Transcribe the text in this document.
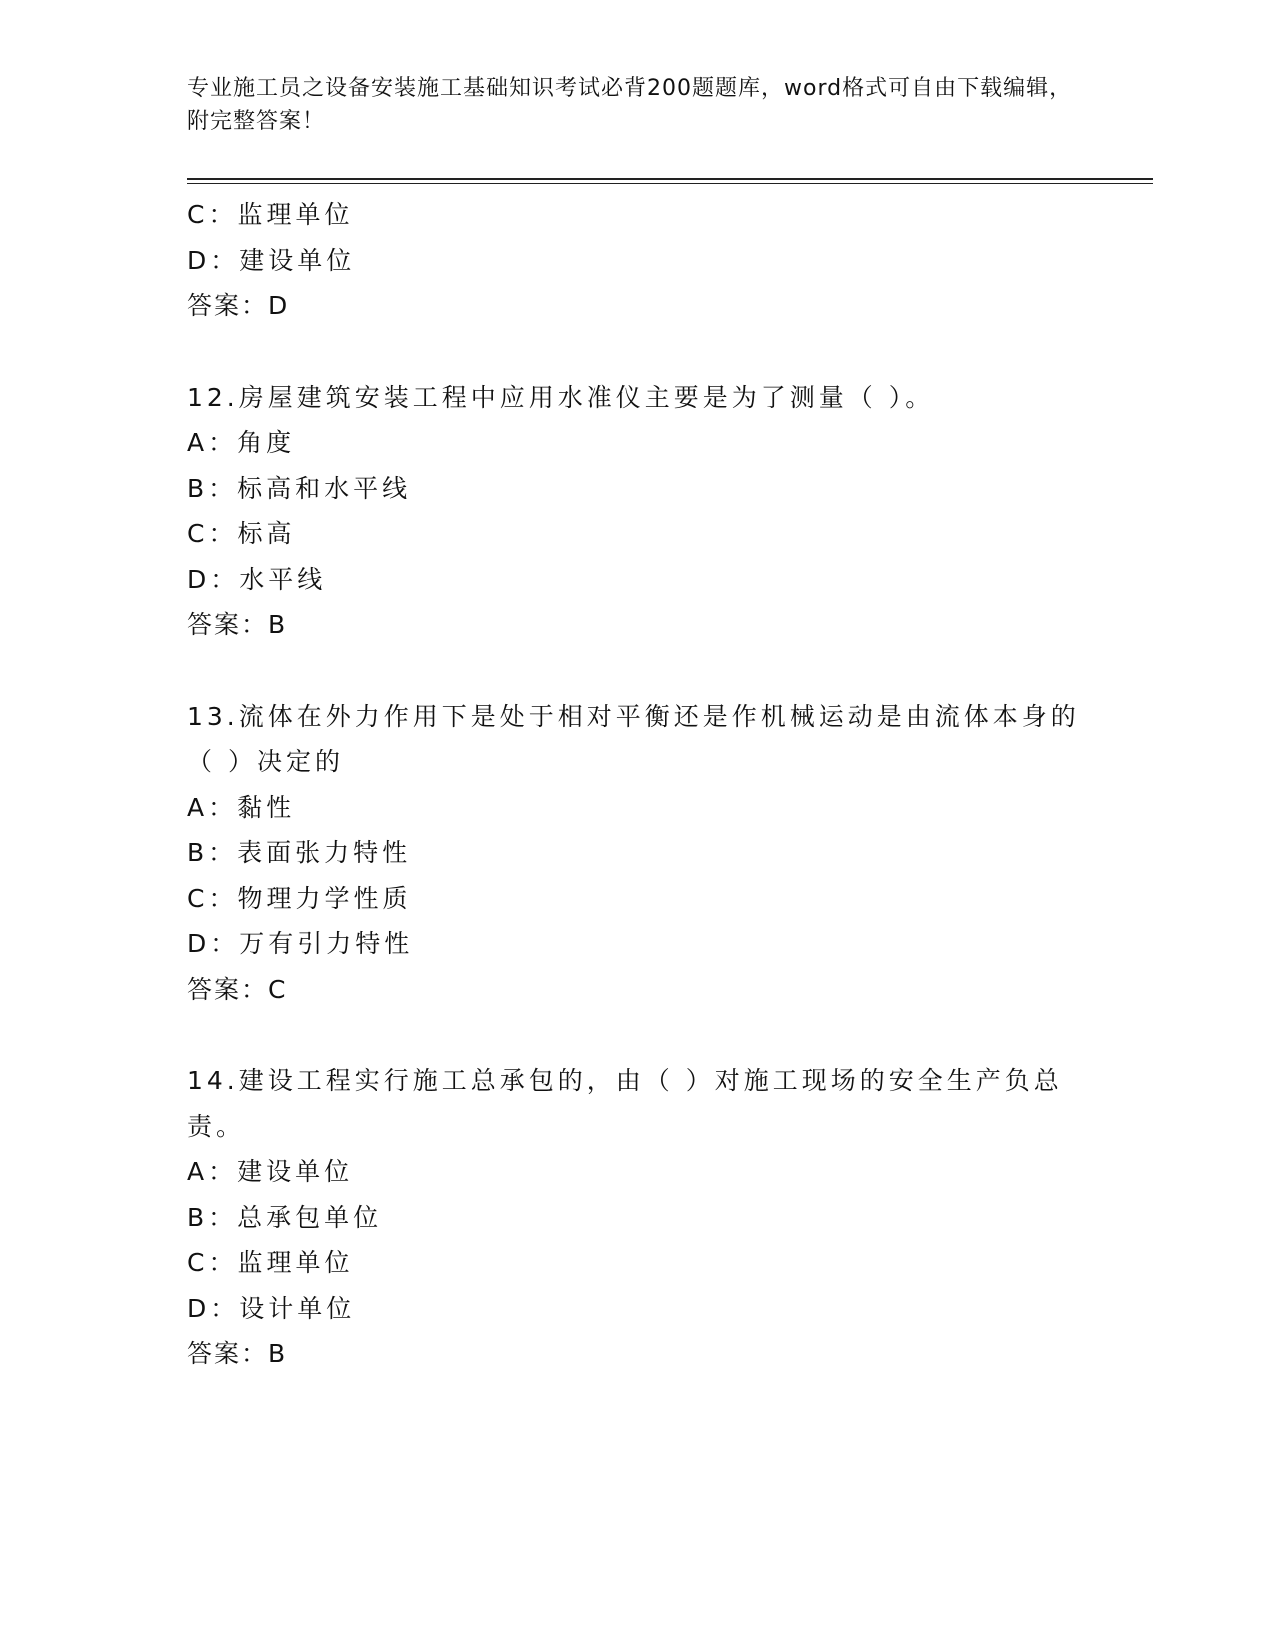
专业施工员之设备安装施工基础知识考试必背200题题库，word格式可自由下载编辑，附完整答案！
C：监理单位
D：建设单位
答案：D
12.房屋建筑安装工程中应用水准仪主要是为了测量（ ）。
A：角度
B：标高和水平线
C：标高
D：水平线
答案：B
13.流体在外力作用下是处于相对平衡还是作机械运动是由流体本身的
（ ）决定的
A：黏性
B：表面张力特性
C：物理力学性质
D：万有引力特性
答案：C
14.建设工程实行施工总承包的，由（ ）对施工现场的安全生产负总
责。
A：建设单位
B：总承包单位
C：监理单位
D：设计单位
答案：B
